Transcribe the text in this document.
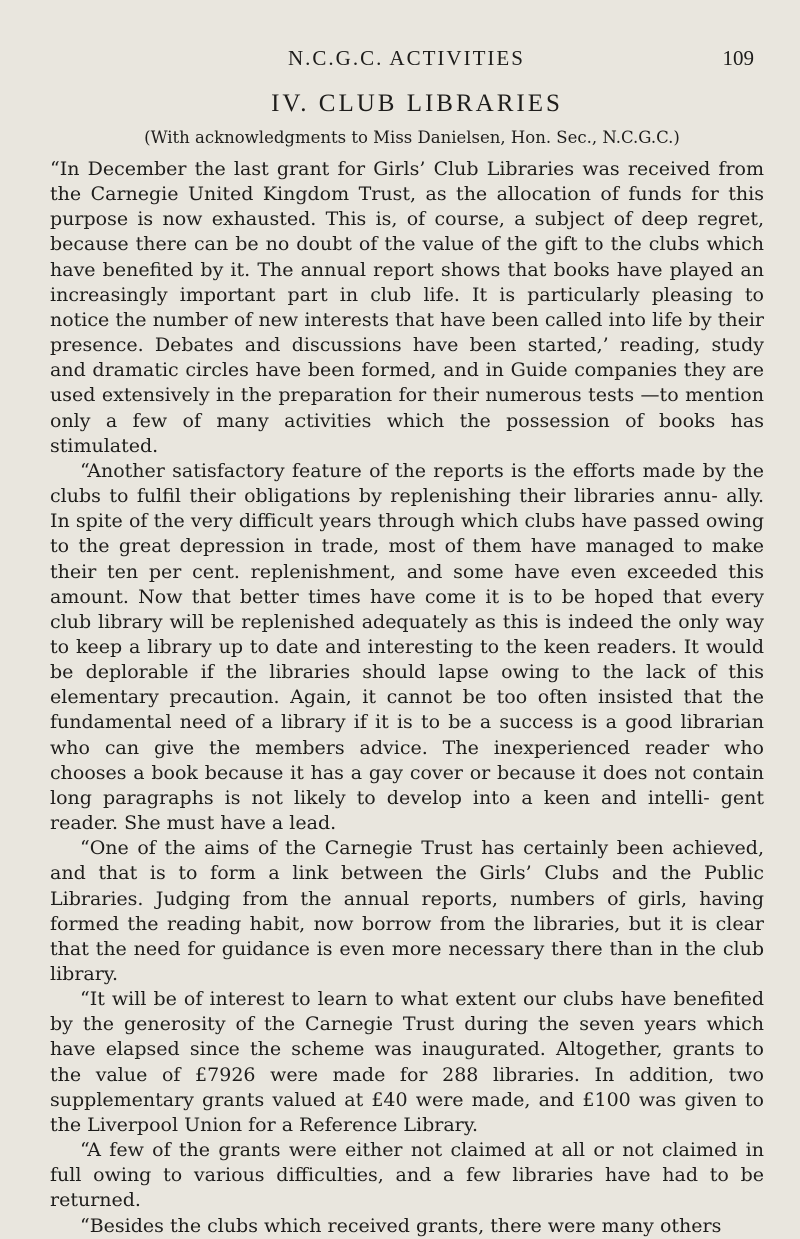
N.C.G.C. ACTIVITIES	109
IV. CLUB LIBRARIES
(With acknowledgments to Miss Danielsen, Hon. Sec., N.C.G.C.)

“In December the last grant for Girls’ Club Libraries was received from the Carnegie United Kingdom Trust, as the allocation of funds for this purpose is now exhausted. This is, of course, a subject of deep regret, because there can be no doubt of the value of the gift to the clubs which have benefited by it. The annual report shows that books have played an increasingly important part in club life. It is particularly pleasing to notice the number of new interests that have been called into life by their presence. Debates and discussions have been started,’ reading, study and dramatic circles have been formed, and in Guide companies they are used extensively in the preparation for their numerous tests —to mention only a few of many activities which the possession of books has stimulated.

“Another satisfactory feature of the reports is the efforts made by the clubs to fulfil their obligations by replenishing their libraries annu- ally. In spite of the very difficult years through which clubs have passed owing to the great depression in trade, most of them have managed to make their ten per cent. replenishment, and some have even exceeded this amount. Now that better times have come it is to be hoped that every club library will be replenished adequately as this is indeed the only way to keep a library up to date and interesting to the keen readers. It would be deplorable if the libraries should lapse owing to the lack of this elementary precaution. Again, it cannot be too often insisted that the fundamental need of a library if it is to be a success is a good librarian who can give the members advice. The inexperienced reader who chooses a book because it has a gay cover or because it does not contain long paragraphs is not likely to develop into a keen and intelli- gent reader. She must have a lead.

“One of the aims of the Carnegie Trust has certainly been achieved, and that is to form a link between the Girls’ Clubs and the Public Libraries. Judging from the annual reports, numbers of girls, having formed the reading habit, now borrow from the libraries, but it is clear that the need for guidance is even more necessary there than in the club library.

“It will be of interest to learn to what extent our clubs have benefited by the generosity of the Carnegie Trust during the seven years which have elapsed since the scheme was inaugurated. Altogether, grants to the value of £7926 were made for 288 libraries. In addition, two supplementary grants valued at £40 were made, and £100 was given to the Liverpool Union for a Reference Library.

“A few of the grants were either not claimed at all or not claimed in full owing to various difficulties, and a few libraries have had to be returned.

“Besides the clubs which received grants, there were many others
